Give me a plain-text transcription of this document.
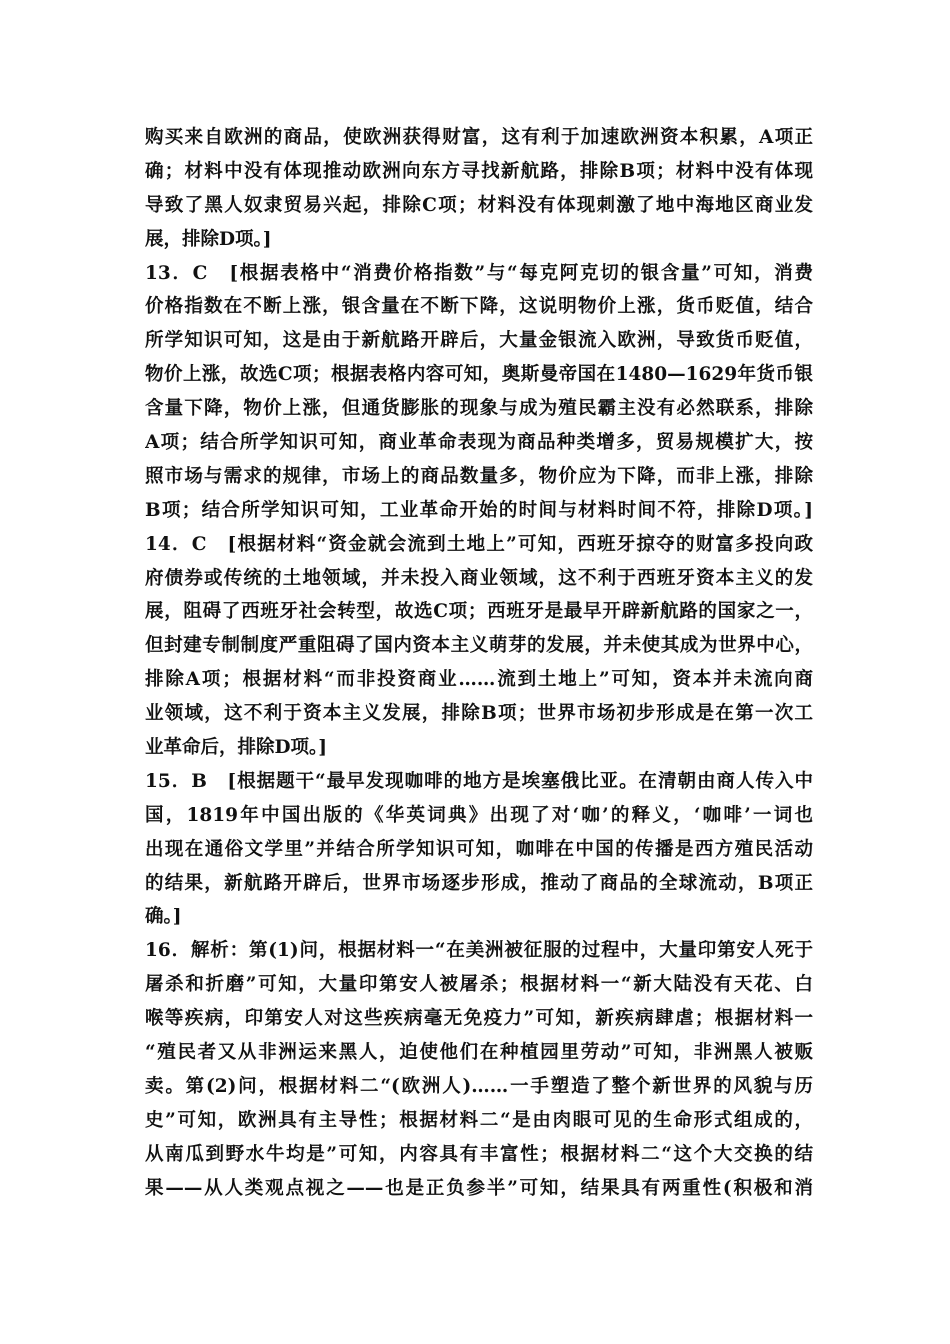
购买来自欧洲的商品，使欧洲获得财富，这有利于加速欧洲资本积累，A项正
确；材料中没有体现推动欧洲向东方寻找新航路，排除B项；材料中没有体现
导致了黑人奴隶贸易兴起，排除C项；材料没有体现刺激了地中海地区商业发
展，排除D项。]
13．C　[根据表格中“消费价格指数”与“每克阿克切的银含量”可知，消费
价格指数在不断上涨，银含量在不断下降，这说明物价上涨，货币贬值，结合
所学知识可知，这是由于新航路开辟后，大量金银流入欧洲，导致货币贬值，
物价上涨，故选C项；根据表格内容可知，奥斯曼帝国在1480—1629年货币银
含量下降，物价上涨，但通货膨胀的现象与成为殖民霸主没有必然联系，排除
A项；结合所学知识可知，商业革命表现为商品种类增多，贸易规模扩大，按
照市场与需求的规律，市场上的商品数量多，物价应为下降，而非上涨，排除
B项；结合所学知识可知，工业革命开始的时间与材料时间不符，排除D项。]
14．C　[根据材料“资金就会流到土地上”可知，西班牙掠夺的财富多投向政
府债券或传统的土地领域，并未投入商业领域，这不利于西班牙资本主义的发
展，阻碍了西班牙社会转型，故选C项；西班牙是最早开辟新航路的国家之一，
但封建专制制度严重阻碍了国内资本主义萌芽的发展，并未使其成为世界中心，
排除A项；根据材料“而非投资商业……流到土地上”可知，资本并未流向商
业领域，这不利于资本主义发展，排除B项；世界市场初步形成是在第一次工
业革命后，排除D项。]
15．B　[根据题干“最早发现咖啡的地方是埃塞俄比亚。在清朝由商人传入中
国，1819年中国出版的《华英词典》出现了对‘咖’的释义，‘咖啡’一词也
出现在通俗文学里”并结合所学知识可知，咖啡在中国的传播是西方殖民活动
的结果，新航路开辟后，世界市场逐步形成，推动了商品的全球流动，B项正
确。]
16．解析：第(1)问，根据材料一“在美洲被征服的过程中，大量印第安人死于
屠杀和折磨”可知，大量印第安人被屠杀；根据材料一“新大陆没有天花、白
喉等疾病，印第安人对这些疾病毫无免疫力”可知，新疾病肆虐；根据材料一
“殖民者又从非洲运来黑人，迫使他们在种植园里劳动”可知，非洲黑人被贩
卖。第(2)问，根据材料二“(欧洲人)……一手塑造了整个新世界的风貌与历
史”可知，欧洲具有主导性；根据材料二“是由肉眼可见的生命形式组成的，
从南瓜到野水牛均是”可知，内容具有丰富性；根据材料二“这个大交换的结
果——从人类观点视之——也是正负参半”可知，结果具有两重性(积极和消
